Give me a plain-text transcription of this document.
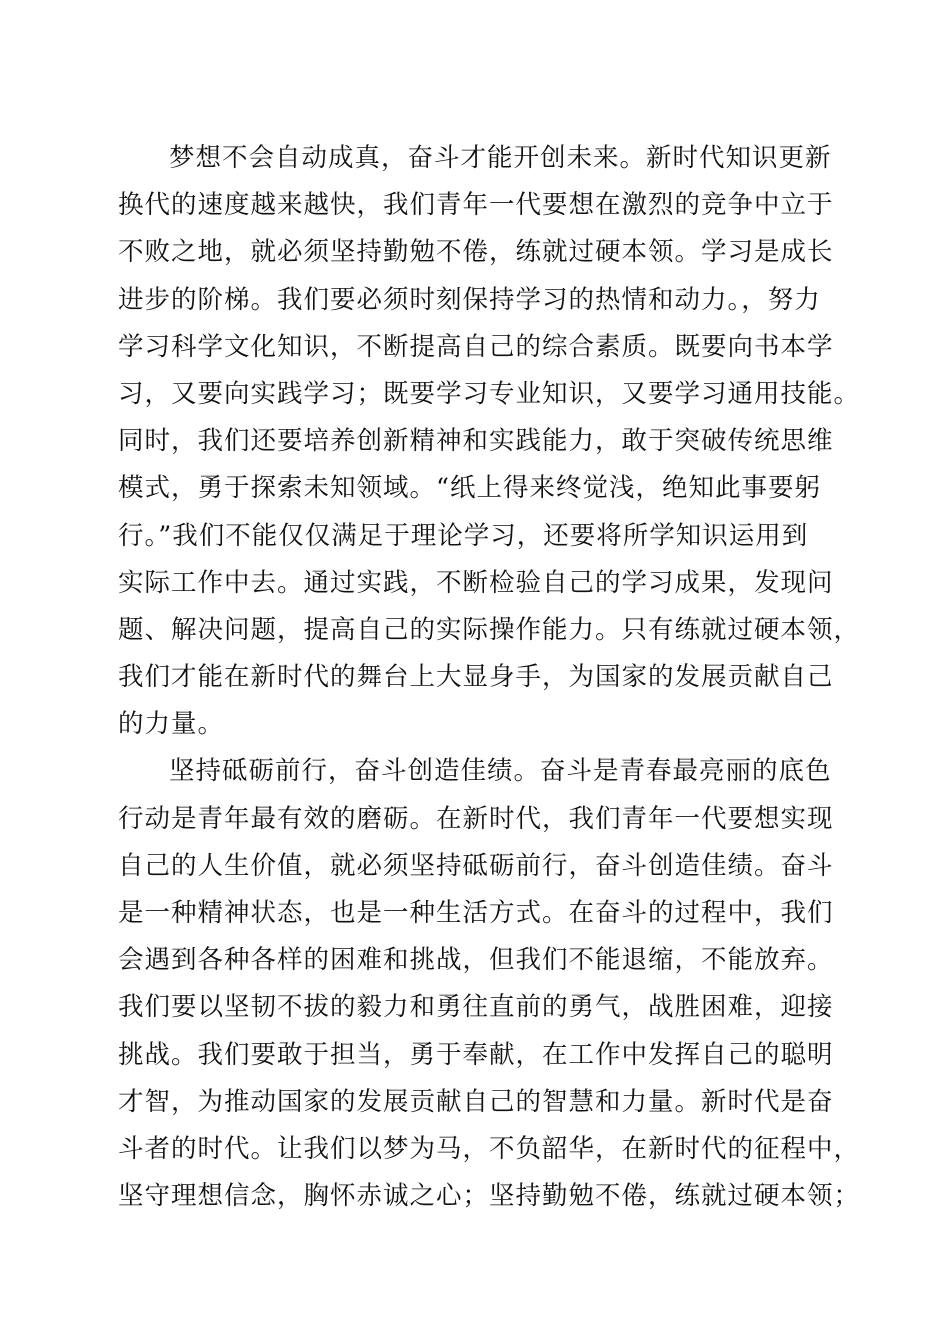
梦想不会自动成真，奋斗才能开创未来。新时代知识更新
换代的速度越来越快，我们青年一代要想在激烈的竞争中立于
不败之地，就必须坚持勤勉不倦，练就过硬本领。学习是成长
进步的阶梯。我们要必须时刻保持学习的热情和动力。，努力
学习科学文化知识，不断提高自己的综合素质。既要向书本学
习，又要向实践学习；既要学习专业知识，又要学习通用技能。
同时，我们还要培养创新精神和实践能力，敢于突破传统思维
模式，勇于探索未知领域。“纸上得来终觉浅，绝知此事要躬
行。”我们不能仅仅满足于理论学习，还要将所学知识运用到
实际工作中去。通过实践，不断检验自己的学习成果，发现问
题、解决问题，提高自己的实际操作能力。只有练就过硬本领，
我们才能在新时代的舞台上大显身手，为国家的发展贡献自己
的力量。
坚持砥砺前行，奋斗创造佳绩。奋斗是青春最亮丽的底色
行动是青年最有效的磨砺。在新时代，我们青年一代要想实现
自己的人生价值，就必须坚持砥砺前行，奋斗创造佳绩。奋斗
是一种精神状态，也是一种生活方式。在奋斗的过程中，我们
会遇到各种各样的困难和挑战，但我们不能退缩，不能放弃。
我们要以坚韧不拔的毅力和勇往直前的勇气，战胜困难，迎接
挑战。我们要敢于担当，勇于奉献，在工作中发挥自己的聪明
才智，为推动国家的发展贡献自己的智慧和力量。新时代是奋
斗者的时代。让我们以梦为马，不负韶华，在新时代的征程中，
坚守理想信念，胸怀赤诚之心；坚持勤勉不倦，练就过硬本领；
